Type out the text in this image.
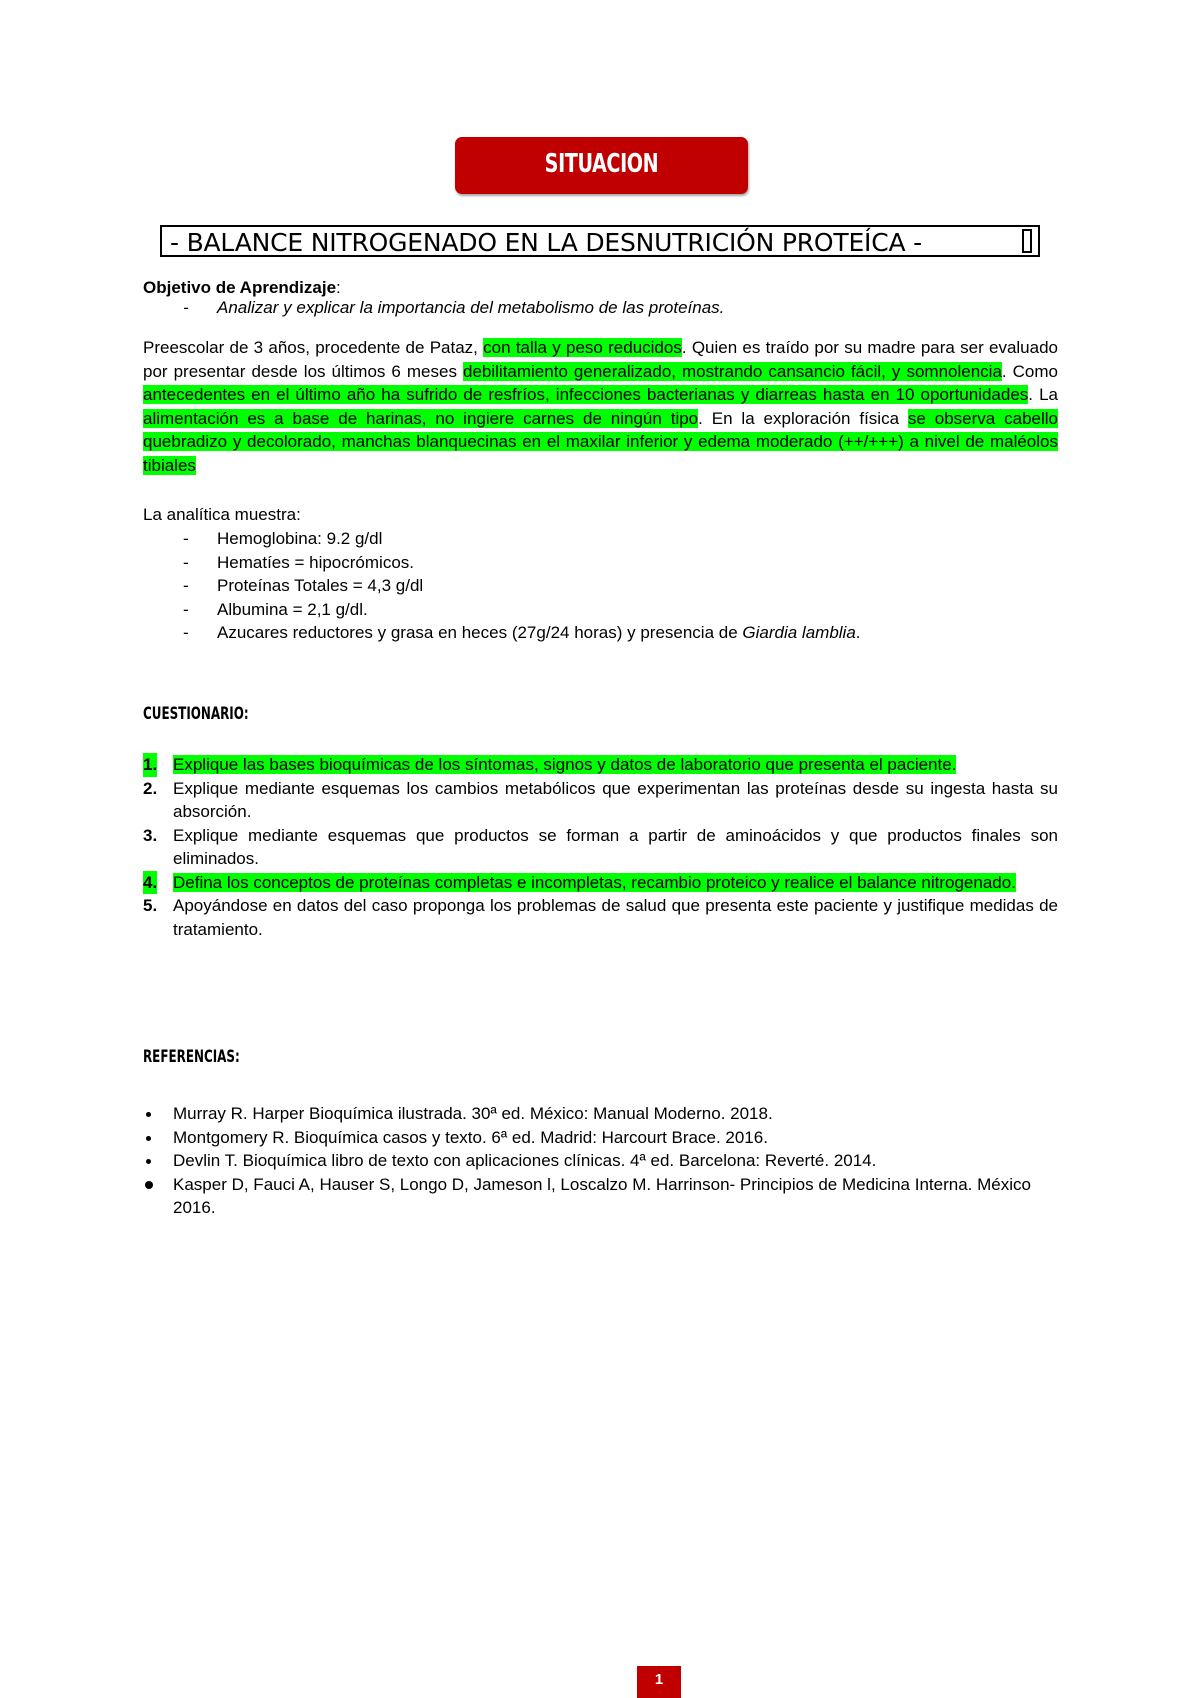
SITUACION
- BALANCE NITROGENADO EN LA DESNUTRICIÓN PROTEÍCA -
Objetivo de Aprendizaje:
- Analizar y explicar la importancia del metabolismo de las proteínas.
Preescolar de 3 años, procedente de Pataz, con talla y peso reducidos. Quien es traído por su madre para ser evaluado por presentar desde los últimos 6 meses debilitamiento generalizado, mostrando cansancio fácil, y somnolencia. Como antecedentes en el último año ha sufrido de resfríos, infecciones bacterianas y diarreas hasta en 10 oportunidades. La alimentación es a base de harinas, no ingiere carnes de ningún tipo. En la exploración física se observa cabello quebradizo y decolorado, manchas blanquecinas en el maxilar inferior y edema moderado (++/+++) a nivel de maléolos tibiales
La analítica muestra:
- Hemoglobina: 9.2 g/dl
- Hematíes = hipocrómicos.
- Proteínas Totales = 4,3 g/dl
- Albumina = 2,1 g/dl.
- Azucares reductores y grasa en heces (27g/24 horas) y presencia de Giardia lamblia.
CUESTIONARIO:
1. Explique las bases bioquímicas de los síntomas, signos y datos de laboratorio que presenta el paciente.
2. Explique mediante esquemas los cambios metabólicos que experimentan las proteínas desde su ingesta hasta su absorción.
3. Explique mediante esquemas que productos se forman a partir de aminoácidos y que productos finales son eliminados.
4. Defina los conceptos de proteínas completas e incompletas, recambio proteico y realice el balance nitrogenado.
5. Apoyándose en datos del caso proponga los problemas de salud que presenta este paciente y justifique medidas de tratamiento.
REFERENCIAS:
Murray R. Harper Bioquímica ilustrada. 30ª ed. México: Manual Moderno. 2018.
Montgomery R. Bioquímica casos y texto. 6ª ed. Madrid: Harcourt Brace. 2016.
Devlin T. Bioquímica libro de texto con aplicaciones clínicas. 4ª ed. Barcelona: Reverté. 2014.
Kasper D, Fauci A, Hauser S, Longo D, Jameson l, Loscalzo M. Harrinson- Principios de Medicina Interna. México 2016.
1
